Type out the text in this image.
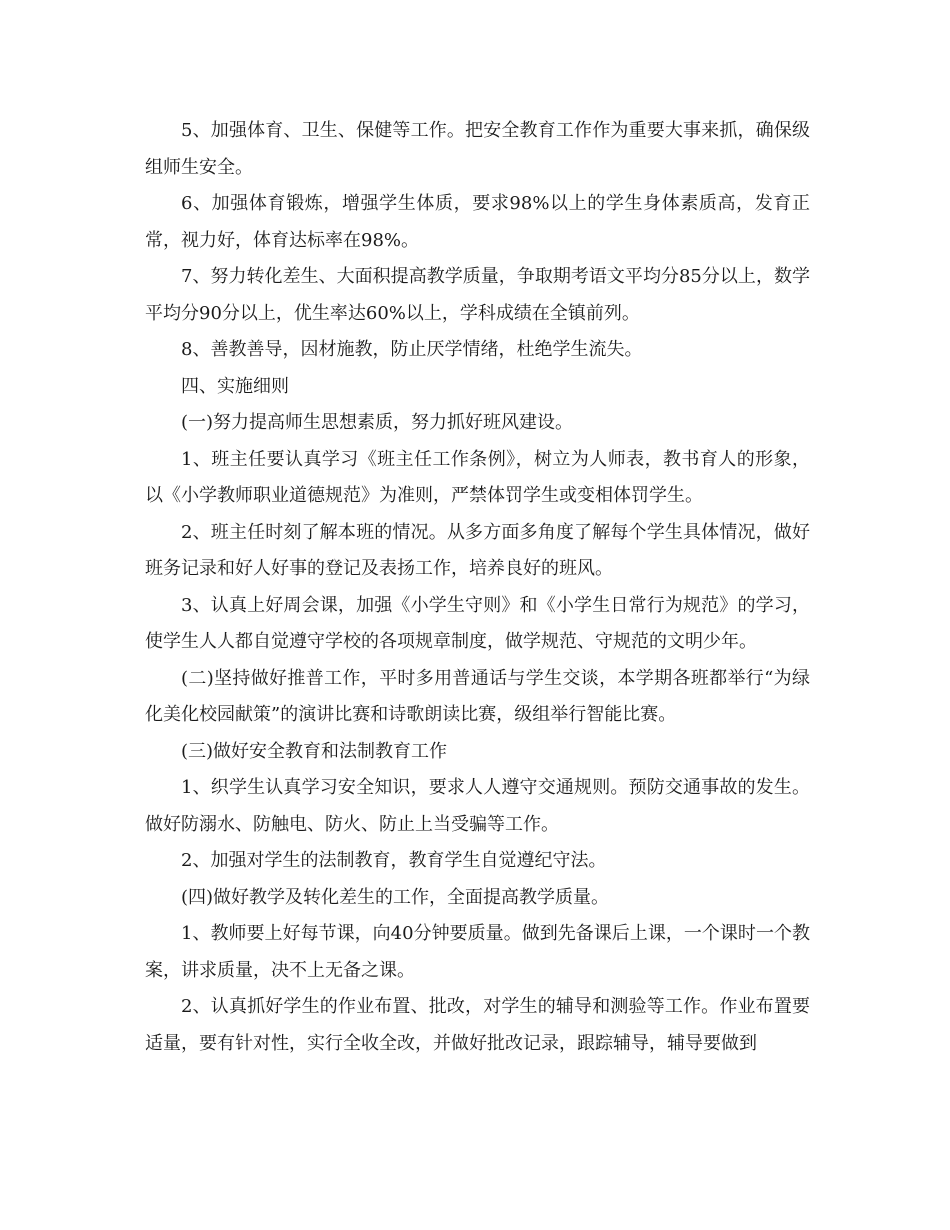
5、加强体育、卫生、保健等工作。把安全教育工作作为重要大事来抓，确保级组师生安全。

6、加强体育锻炼，增强学生体质，要求98%以上的学生身体素质高，发育正常，视力好，体育达标率在98%。

7、努力转化差生、大面积提高教学质量，争取期考语文平均分85分以上，数学平均分90分以上，优生率达60%以上，学科成绩在全镇前列。

8、善教善导，因材施教，防止厌学情绪，杜绝学生流失。

四、实施细则

(一)努力提高师生思想素质，努力抓好班风建设。

1、班主任要认真学习《班主任工作条例》，树立为人师表，教书育人的形象，以《小学教师职业道德规范》为准则，严禁体罚学生或变相体罚学生。

2、班主任时刻了解本班的情况。从多方面多角度了解每个学生具体情况，做好班务记录和好人好事的登记及表扬工作，培养良好的班风。

3、认真上好周会课，加强《小学生守则》和《小学生日常行为规范》的学习，使学生人人都自觉遵守学校的各项规章制度，做学规范、守规范的文明少年。

(二)坚持做好推普工作，平时多用普通话与学生交谈，本学期各班都举行“为绿化美化校园献策”的演讲比赛和诗歌朗读比赛，级组举行智能比赛。

(三)做好安全教育和法制教育工作

1、织学生认真学习安全知识，要求人人遵守交通规则。预防交通事故的发生。做好防溺水、防触电、防火、防止上当受骗等工作。

2、加强对学生的法制教育，教育学生自觉遵纪守法。

(四)做好教学及转化差生的工作，全面提高教学质量。

1、教师要上好每节课，向40分钟要质量。做到先备课后上课，一个课时一个教案，讲求质量，决不上无备之课。

2、认真抓好学生的作业布置、批改，对学生的辅导和测验等工作。作业布置要适量，要有针对性，实行全收全改，并做好批改记录，跟踪辅导，辅导要做到
